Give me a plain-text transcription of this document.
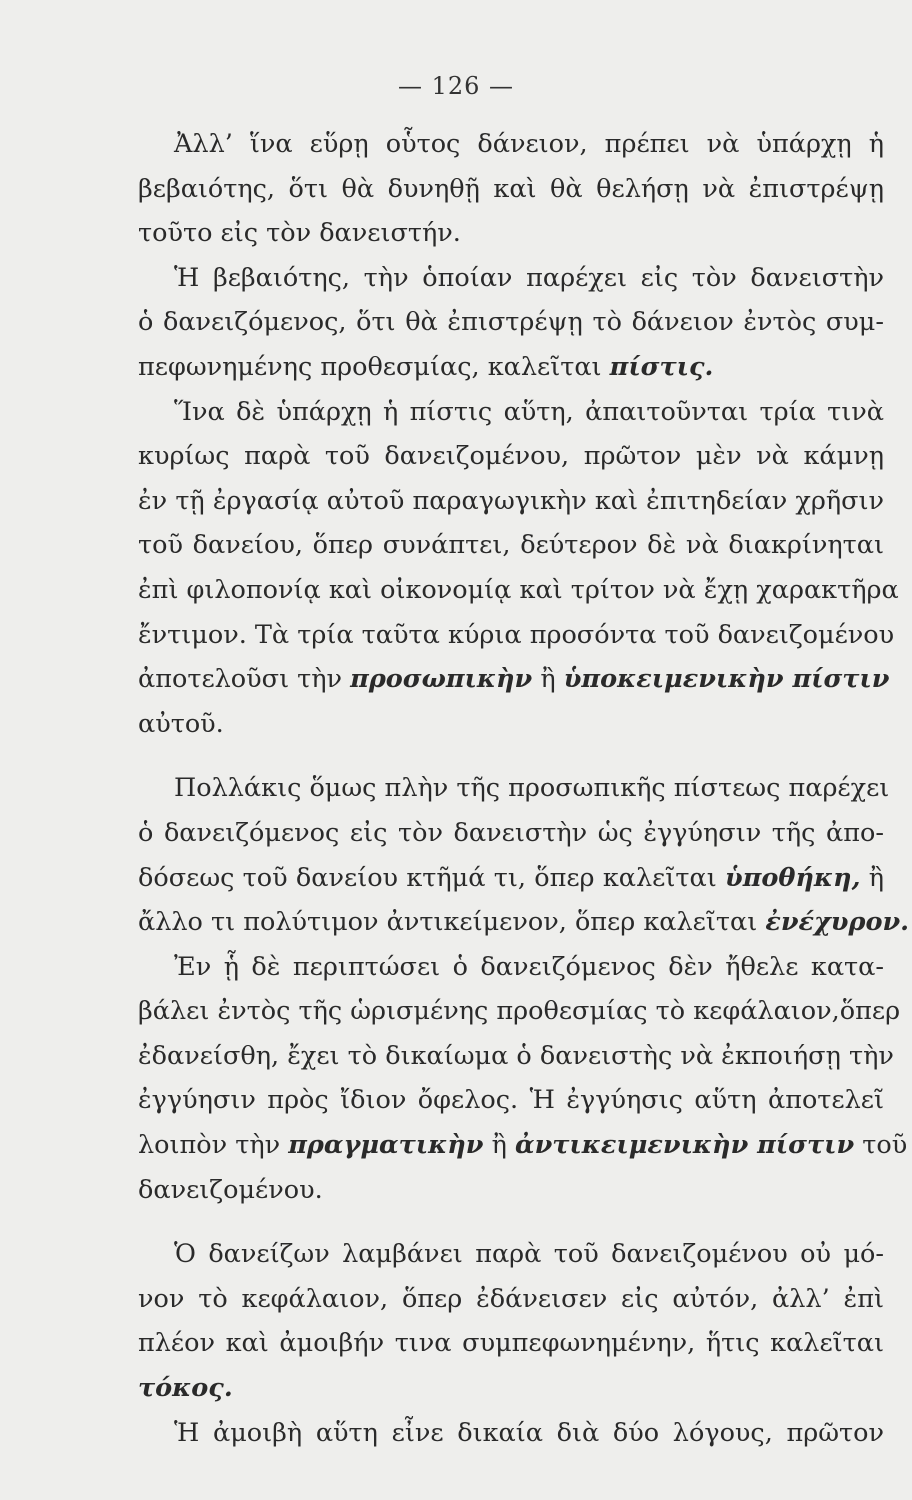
— 126 —

Ἀλλ’ ἵνα εὕρῃ οὗτος δάνειον, πρέπει νὰ ὑπάρχῃ ἡ
βεβαιότης, ὅτι θὰ δυνηθῇ καὶ θὰ θελήσῃ νὰ ἐπιστρέψῃ
τοῦτο εἰς τὸν δανειστήν.

Ἡ βεβαιότης, τὴν ὁποίαν παρέχει εἰς τὸν δανειστὴν
ὁ δανειζόμενος, ὅτι θὰ ἐπιστρέψῃ τὸ δάνειον ἐντὸς συμ-
πεφωνημένης προθεσμίας, καλεῖται πίστις.

Ἵνα δὲ ὑπάρχῃ ἡ πίστις αὕτη, ἀπαιτοῦνται τρία τινὰ
κυρίως παρὰ τοῦ δανειζομένου, πρῶτον μὲν νὰ κάμνῃ
ἐν τῇ ἐργασίᾳ αὐτοῦ παραγωγικὴν καὶ ἐπιτηδείαν χρῆσιν
τοῦ δανείου, ὅπερ συνάπτει, δεύτερον δὲ νὰ διακρίνηται
ἐπὶ φιλοπονίᾳ καὶ οἰκονομίᾳ καὶ τρίτον νὰ ἔχῃ χαρακτῆρα
ἔντιμον. Τὰ τρία ταῦτα κύρια προσόντα τοῦ δανειζομένου
ἀποτελοῦσι τὴν προσωπικὴν ἢ ὑποκειμενικὴν πίστιν
αὐτοῦ.

Πολλάκις ὅμως πλὴν τῆς προσωπικῆς πίστεως παρέχει
ὁ δανειζόμενος εἰς τὸν δανειστὴν ὡς ἐγγύησιν τῆς ἀπο-
δόσεως τοῦ δανείου κτῆμά τι, ὅπερ καλεῖται ὑποθήκη, ἢ
ἄλλο τι πολύτιμον ἀντικείμενον, ὅπερ καλεῖται ἐνέχυρον.

Ἐν ᾗ δὲ περιπτώσει ὁ δανειζόμενος δὲν ἤθελε κατα-
βάλει ἐντὸς τῆς ὡρισμένης προθεσμίας τὸ κεφάλαιον,ὅπερ
ἐδανείσθη, ἔχει τὸ δικαίωμα ὁ δανειστὴς νὰ ἐκποιήσῃ τὴν
ἐγγύησιν πρὸς ἴδιον ὄφελος. Ἡ ἐγγύησις αὕτη ἀποτελεῖ
λοιπὸν τὴν πραγματικὴν ἢ ἀντικειμενικὴν πίστιν τοῦ
δανειζομένου.

Ὁ δανείζων λαμβάνει παρὰ τοῦ δανειζομένου οὐ μό-
νον τὸ κεφάλαιον, ὅπερ ἐδάνεισεν εἰς αὐτόν, ἀλλ’ ἐπὶ
πλέον καὶ ἀμοιβήν τινα συμπεφωνημένην, ἥτις καλεῖται
τόκος.

Ἡ ἀμοιβὴ αὕτη εἶνε δικαία διὰ δύο λόγους, πρῶτον
